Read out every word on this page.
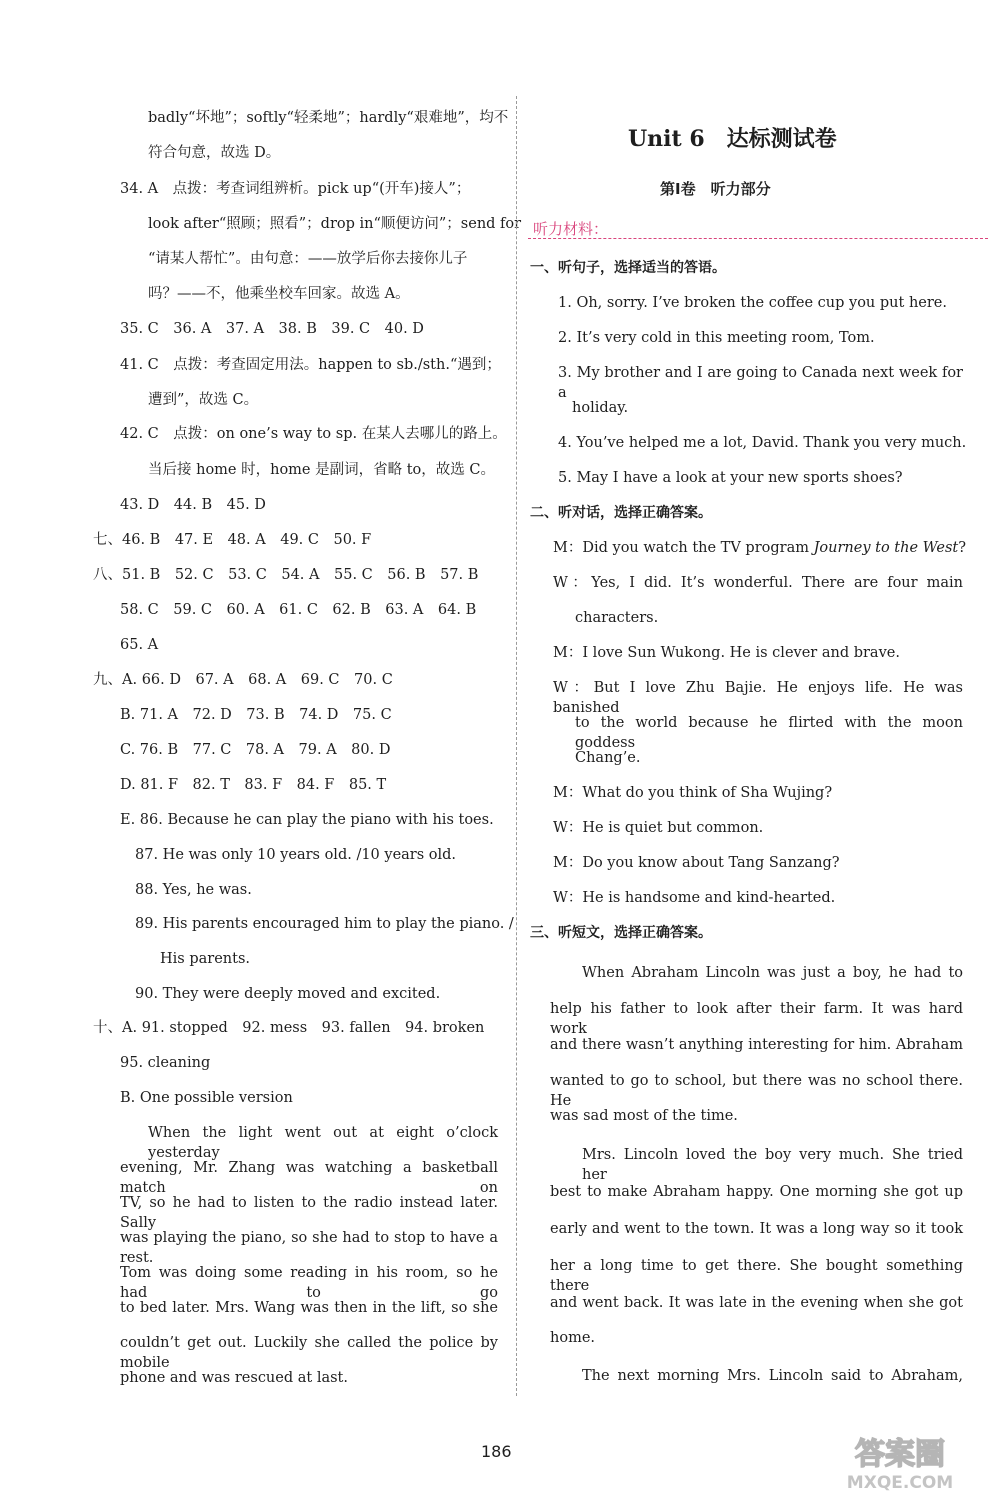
badly“坏地”；softly“轻柔地”；hardly“艰难地”，均不
符合句意，故选 D。
34. A　点拨：考查词组辨析。pick up“(开车)接人”；
look after“照顾；照看”；drop in“顺便访问”；send for
“请某人帮忙”。由句意：——放学后你去接你儿子
吗？——不，他乘坐校车回家。故选 A。
35. C　36. A　37. A　38. B　39. C　40. D
41. C　点拨：考查固定用法。happen to sb./sth.“遇到；
遭到”，故选 C。
42. C　点拨：on one’s way to sp. 在某人去哪儿的路上。
当后接 home 时，home 是副词，省略 to，故选 C。
43. D　44. B　45. D
七、46. B　47. E　48. A　49. C　50. F
八、51. B　52. C　53. C　54. A　55. C　56. B　57. B
58. C　59. C　60. A　61. C　62. B　63. A　64. B
65. A
九、A. 66. D　67. A　68. A　69. C　70. C
B. 71. A　72. D　73. B　74. D　75. C
C. 76. B　77. C　78. A　79. A　80. D
D. 81. F　82. T　83. F　84. F　85. T
E. 86. Because he can play the piano with his toes.
87. He was only 10 years old. /10 years old.
88. Yes, he was.
89. His parents encouraged him to play the piano. /
His parents.
90. They were deeply moved and excited.
十、A. 91. stopped　92. mess　93. fallen　94. broken
95. cleaning
B. One possible version
When the light went out at eight o’clock yesterday
evening, Mr. Zhang was watching a basketball match on
TV, so he had to listen to the radio instead later. Sally
was playing the piano, so she had to stop to have a rest.
Tom was doing some reading in his room, so he had to go
to bed later. Mrs. Wang was then in the lift, so she
couldn’t get out. Luckily she called the police by mobile
phone and was rescued at last.
Unit 6　达标测试卷
第Ⅰ卷　听力部分
听力材料：
一、听句子，选择适当的答语。
1. Oh, sorry. I’ve broken the coffee cup you put here.
2. It’s very cold in this meeting room, Tom.
3. My brother and I are going to Canada next week for a
holiday.
4. You’ve helped me a lot, David. Thank you very much.
5. May I have a look at your new sports shoes?
二、听对话，选择正确答案。
M：Did you watch the TV program Journey to the West?
W：Yes, I did. It’s wonderful. There are four main
characters.
M：I love Sun Wukong. He is clever and brave.
W：But I love Zhu Bajie. He enjoys life. He was banished
to the world because he flirted with the moon goddess
Chang’e.
M：What do you think of Sha Wujing?
W：He is quiet but common.
M：Do you know about Tang Sanzang?
W：He is handsome and kind-hearted.
三、听短文，选择正确答案。
When Abraham Lincoln was just a boy, he had to
help his father to look after their farm. It was hard work
and there wasn’t anything interesting for him. Abraham
wanted to go to school, but there was no school there. He
was sad most of the time.
Mrs. Lincoln loved the boy very much. She tried her
best to make Abraham happy. One morning she got up
early and went to the town. It was a long way so it took
her a long time to get there. She bought something there
and went back. It was late in the evening when she got
home.
The next morning Mrs. Lincoln said to Abraham,
186	答案圈
MXQE.COM
